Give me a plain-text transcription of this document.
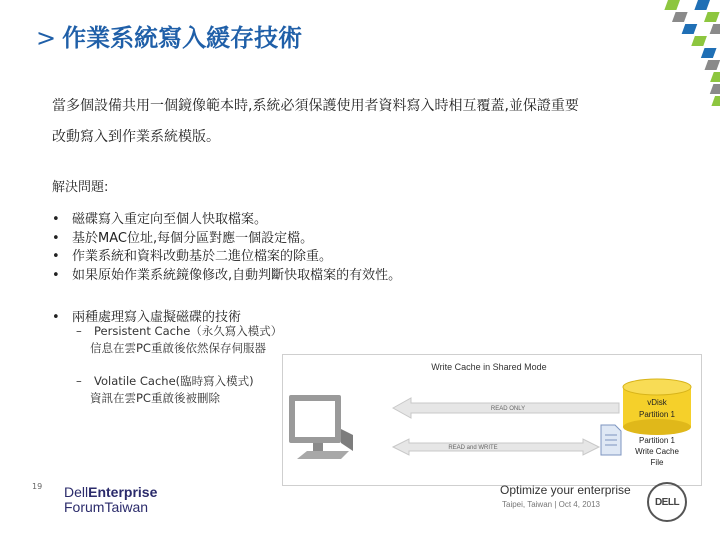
> 作業系統寫入緩存技術
當多個設備共用一個鏡像範本時,系統必須保護使用者資料寫入時相互覆蓋,並保證重要
改動寫入到作業系統模版。
解決問題:
• 磁碟寫入重定向至個人快取檔案。
• 基於MAC位址,每個分區對應一個設定檔。
• 作業系統和資料改動基於二進位檔案的除重。
• 如果原始作業系統鏡像修改,自動判斷快取檔案的有效性。
• 兩種處理寫入虛擬磁碟的技術
– Persistent Cache（永久寫入模式）
信息在雲PC重啟後依然保存伺服器
– Volatile Cache(臨時寫入模式)
資訊在雲PC重啟後被刪除
Write Cache in Shared Mode
READ ONLY
READ and WRITE
vDisk
Partition 1
Partition 1
Write Cache
File
19 DellEnterprise
ForumTaiwan
Optimize your enterprise
Taipei, Taiwan | Oct 4, 2013	DELL
